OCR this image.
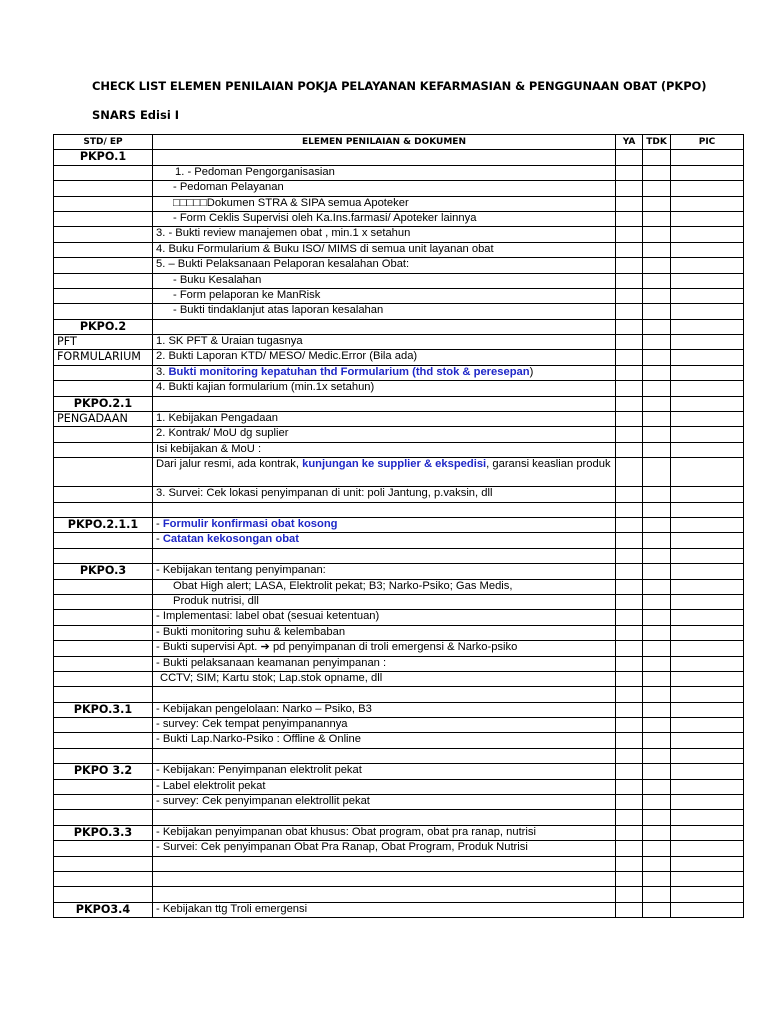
CHECK LIST ELEMEN PENILAIAN POKJA PELAYANAN KEFARMASIAN & PENGGUNAAN OBAT (PKPO)
SNARS Edisi I
STD/ EP	ELEMEN PENILAIAN & DOKUMEN	YA	TDK	PIC
PKPO.1				
	1. - Pedoman Pengorganisasian			
	- Pedoman Pelayanan			
	□□□□□Dokumen STRA & SIPA semua Apoteker			
	- Form Ceklis Supervisi oleh Ka.Ins.farmasi/ Apoteker lainnya			
	3. - Bukti review manajemen obat , min.1 x setahun			
	4. Buku Formularium & Buku ISO/ MIMS di semua unit layanan obat			
	5. – Bukti Pelaksanaan Pelaporan kesalahan Obat:			
	- Buku Kesalahan			
	- Form pelaporan ke ManRisk			
	- Bukti tindaklanjut atas laporan kesalahan			
PKPO.2				
PFT	1. SK PFT & Uraian tugasnya			
FORMULARIUM	2. Bukti Laporan KTD/ MESO/ Medic.Error (Bila ada)			
	3. Bukti monitoring kepatuhan thd Formularium (thd stok & peresepan)			
	4. Bukti kajian formularium (min.1x setahun)			
PKPO.2.1				
PENGADAAN	1. Kebijakan Pengadaan			
	2. Kontrak/ MoU dg suplier			
	Isi kebijakan & MoU :			
	Dari jalur resmi, ada kontrak, kunjungan ke supplier & ekspedisi, garansi keaslian produk			
	3. Survei: Cek lokasi penyimpanan di unit: poli Jantung, p.vaksin, dll			

PKPO.2.1.1	- Formulir konfirmasi obat kosong			
	- Catatan kekosongan obat			

PKPO.3	- Kebijakan tentang penyimpanan:			
	Obat High alert; LASA, Elektrolit pekat; B3; Narko-Psiko; Gas Medis,			
	Produk nutrisi, dll			
	- Implementasi: label obat (sesuai ketentuan)			
	- Bukti monitoring suhu & kelembaban			
	- Bukti supervisi Apt. ➔ pd penyimpanan di troli emergensi & Narko-psiko			
	- Bukti pelaksanaan keamanan penyimpanan :			
	CCTV; SIM; Kartu stok; Lap.stok opname, dll			

PKPO.3.1	- Kebijakan pengelolaan: Narko – Psiko, B3			
	- survey: Cek tempat penyimpanannya			
	- Bukti Lap.Narko-Psiko : Offline & Online			

PKPO 3.2	- Kebijakan: Penyimpanan elektrolit pekat			
	- Label elektrolit pekat			
	- survey: Cek penyimpanan elektrollit pekat			

PKPO.3.3	- Kebijakan penyimpanan obat khusus: Obat program, obat pra ranap, nutrisi			
	- Survei: Cek penyimpanan Obat Pra Ranap, Obat Program, Produk Nutrisi			

PKPO3.4	- Kebijakan ttg Troli emergensi			
